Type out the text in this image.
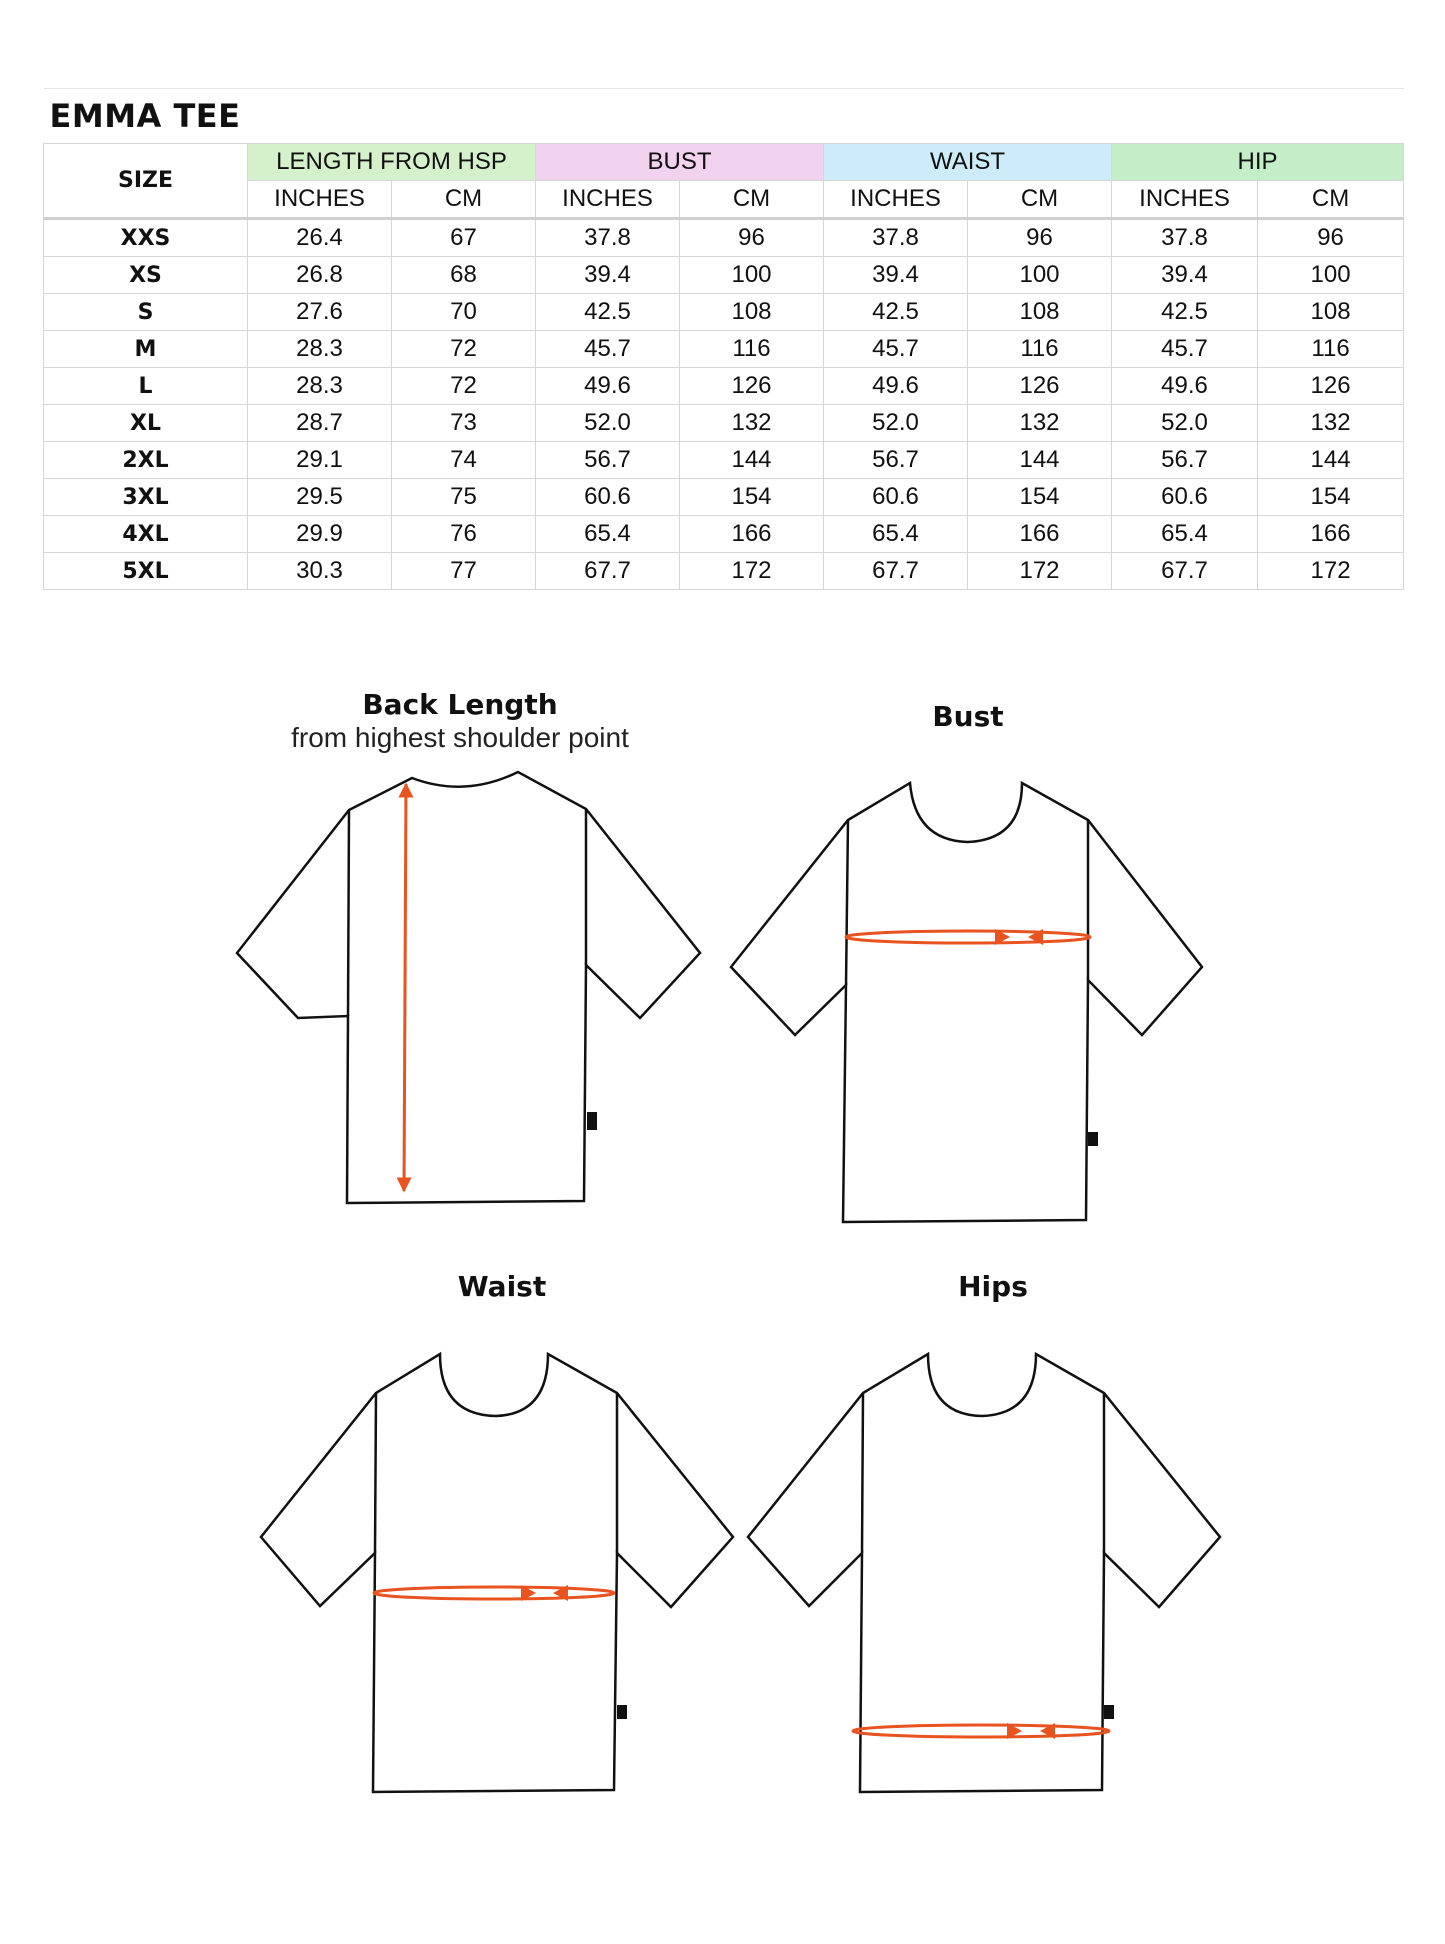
EMMA TEE								
SIZE	LENGTH FROM HSP		BUST		WAIST		HIP	
	INCHES	CM	INCHES	CM	INCHES	CM	INCHES	CM
XXS	26.4	67	37.8	96	37.8	96	37.8	96
XS	26.8	68	39.4	100	39.4	100	39.4	100
S	27.6	70	42.5	108	42.5	108	42.5	108
M	28.3	72	45.7	116	45.7	116	45.7	116
L	28.3	72	49.6	126	49.6	126	49.6	126
XL	28.7	73	52.0	132	52.0	132	52.0	132
2XL	29.1	74	56.7	144	56.7	144	56.7	144
3XL	29.5	75	60.6	154	60.6	154	60.6	154
4XL	29.9	76	65.4	166	65.4	166	65.4	166
5XL	30.3	77	67.7	172	67.7	172	67.7	172
Back Length
from highest shoulder point
Bust
Waist	Hips
